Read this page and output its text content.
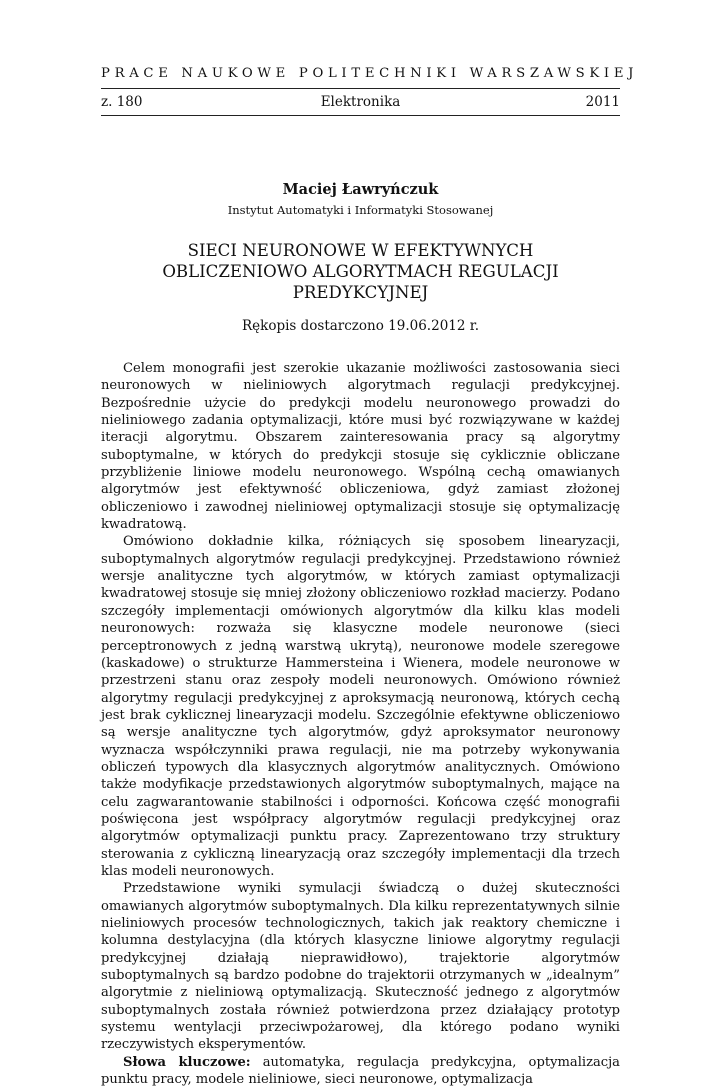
PRACE NAUKOWE POLITECHNIKI WARSZAWSKIEJ
z. 180	Elektronika	2011
Maciej Ławryńczuk
Instytut Automatyki i Informatyki Stosowanej
SIECI NEURONOWE W EFEKTYWNYCH
OBLICZENIOWO ALGORYTMACH REGULACJI
PREDYKCYJNEJ
Rękopis dostarczono 19.06.2012 r.

Celem monografii jest szerokie ukazanie możliwości zastosowania sieci neuronowych w nieliniowych algorytmach regulacji predykcyjnej. Bezpośrednie użycie do predykcji modelu neuronowego prowadzi do nieliniowego zadania optymalizacji, które musi być rozwiązywane w każdej iteracji algorytmu. Obszarem zainteresowania pracy są algorytmy suboptymalne, w których do predykcji stosuje się cyklicznie obliczane przybliżenie liniowe modelu neuronowego. Wspólną cechą omawianych algorytmów jest efektywność obliczeniowa, gdyż zamiast złożonej obliczeniowo i zawodnej nieliniowej optymalizacji stosuje się optymalizację kwadratową.

Omówiono dokładnie kilka, różniących się sposobem linearyzacji, suboptymalnych algorytmów regulacji predykcyjnej. Przedstawiono również wersje analityczne tych algorytmów, w których zamiast optymalizacji kwadratowej stosuje się mniej złożony obliczeniowo rozkład macierzy. Podano szczegóły implementacji omówionych algorytmów dla kilku klas modeli neuronowych: rozważa się klasyczne modele neuronowe (sieci perceptronowych z jedną warstwą ukrytą), neuronowe modele szeregowe (kaskadowe) o strukturze Hammersteina i Wienera, modele neuronowe w przestrzeni stanu oraz zespoły modeli neuronowych. Omówiono również algorytmy regulacji predykcyjnej z aproksymacją neuronową, których cechą jest brak cyklicznej linearyzacji modelu. Szczególnie efektywne obliczeniowo są wersje analityczne tych algorytmów, gdyż aproksymator neuronowy wyznacza współczynniki prawa regulacji, nie ma potrzeby wykonywania obliczeń typowych dla klasycznych algorytmów analitycznych. Omówiono także modyfikacje przedstawionych algorytmów suboptymalnych, mające na celu zagwarantowanie stabilności i odporności. Końcowa część monografii poświęcona jest współpracy algorytmów regulacji predykcyjnej oraz algorytmów optymalizacji punktu pracy. Zaprezentowano trzy struktury sterowania z cykliczną linearyzacją oraz szczegóły implementacji dla trzech klas modeli neuronowych.

Przedstawione wyniki symulacji świadczą o dużej skuteczności omawianych algorytmów suboptymalnych. Dla kilku reprezentatywnych silnie nieliniowych procesów technologicznych, takich jak reaktory chemiczne i kolumna destylacyjna (dla których klasyczne liniowe algorytmy regulacji predykcyjnej działają nieprawidłowo), trajektorie algorytmów suboptymalnych są bardzo podobne do trajektorii otrzymanych w „idealnym” algorytmie z nieliniową optymalizacją. Skuteczność jednego z algorytmów suboptymalnych została również potwierdzona przez działający prototyp systemu wentylacji przeciwpożarowej, dla którego podano wyniki rzeczywistych eksperymentów.

Słowa kluczowe: automatyka, regulacja predykcyjna, optymalizacja punktu pracy, modele nieliniowe, sieci neuronowe, optymalizacja
